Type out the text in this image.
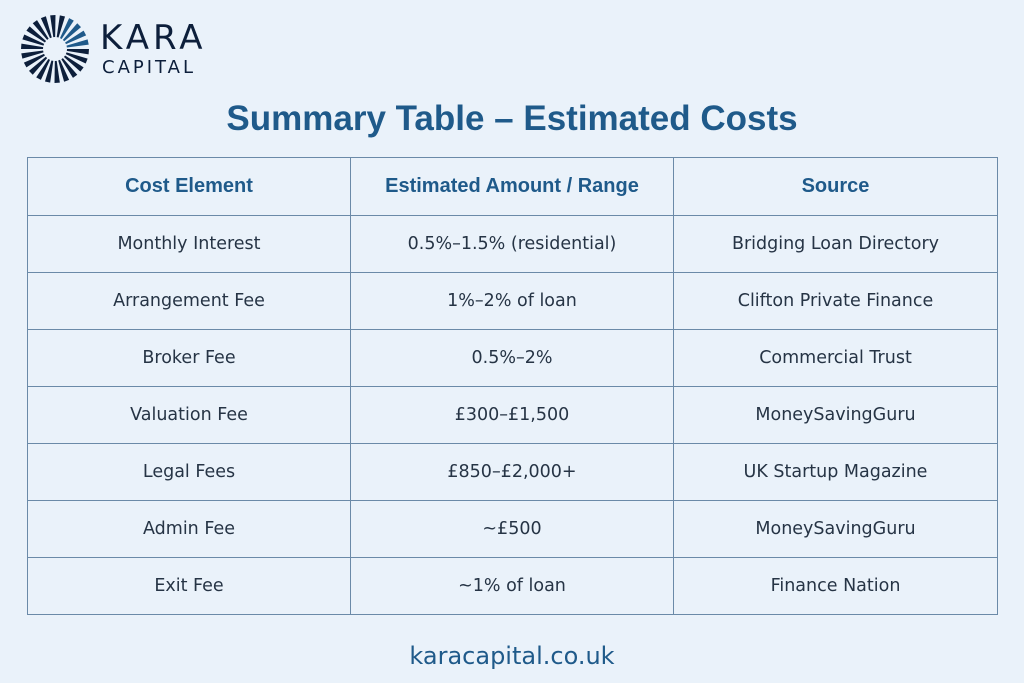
KARA
CAPITAL
Summary Table – Estimated Costs
Cost Element	Estimated Amount / Range	Source
Monthly Interest	0.5%–1.5% (residential)	Bridging Loan Directory
Arrangement Fee	1%–2% of loan	Clifton Private Finance
Broker Fee	0.5%–2%	Commercial Trust
Valuation Fee	£300–£1,500	MoneySavingGuru
Legal Fees	£850–£2,000+	UK Startup Magazine
Admin Fee	~£500	MoneySavingGuru
Exit Fee	~1% of loan	Finance Nation
karacapital.co.uk
